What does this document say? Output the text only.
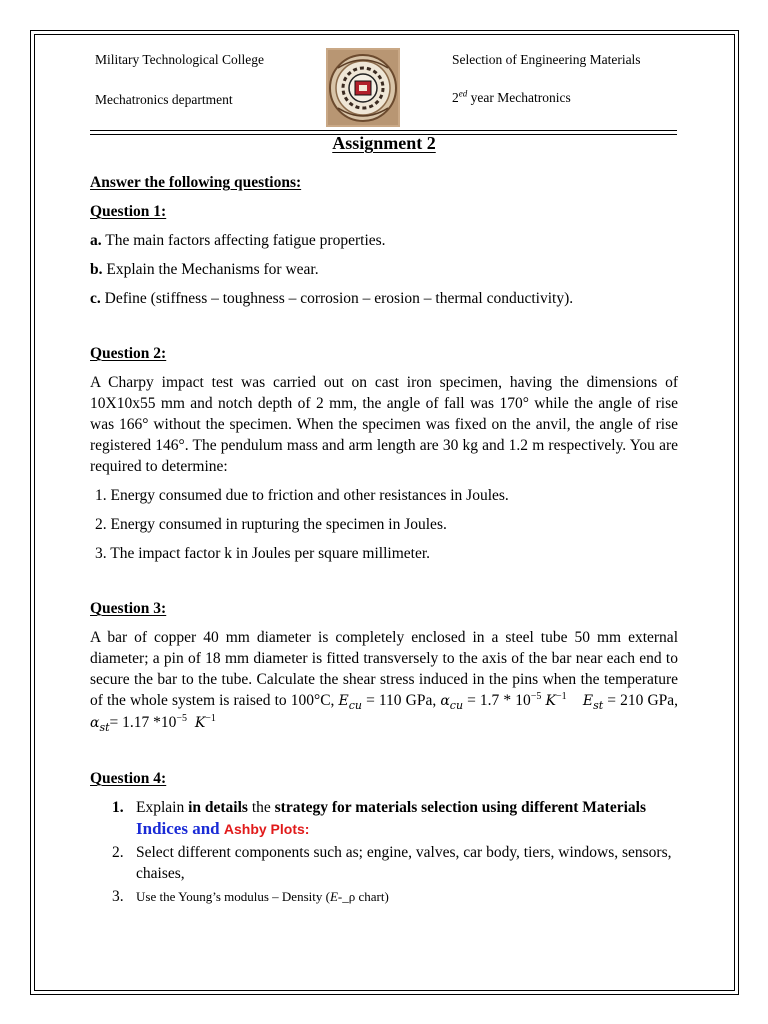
Military Technological College
Mechatronics department
Selection of Engineering Materials
$2^{ed}$ year Mechatronics
Assignment 2
Answer the following questions:
Question 1:
a. The main factors affecting fatigue properties.
b. Explain the Mechanisms for wear.
c. Define (stiffness – toughness – corrosion – erosion – thermal conductivity).
Question 2:
A Charpy impact test was carried out on cast iron specimen, having the dimensions of 10X10x55 mm and notch depth of 2 mm, the angle of fall was 170° while the angle of rise was 166° without the specimen. When the specimen was fixed on the anvil, the angle of rise registered 146°. The pendulum mass and arm length are 30 kg and 1.2 m respectively. You are required to determine:
1. Energy consumed due to friction and other resistances in Joules.
2. Energy consumed in rupturing the specimen in Joules.
3. The impact factor k in Joules per square millimeter.
Question 3:
A bar of copper 40 mm diameter is completely enclosed in a steel tube 50 mm external diameter; a pin of 18 mm diameter is fitted transversely to the axis of the bar near each end to secure the bar to the tube. Calculate the shear stress induced in the pins when the temperature of the whole system is raised to 100°C, $E_{cu} = 110$ GPa, $\alpha_{cu} = 1.7 * 10^{-5}$ $K^{-1}$ $E_{st} = 210$ GPa, $\alpha_{st}= 1.17$ $*10^{-5}$ $K^{-1}$
Question 4:
1. Explain in details the strategy for materials selection using different Materials Indices and Ashby Plots:
2. Select different components such as; engine, valves, car body, tiers, windows, sensors, chaises,
3. Use the Young’s modulus – Density (E-_ρ chart)
